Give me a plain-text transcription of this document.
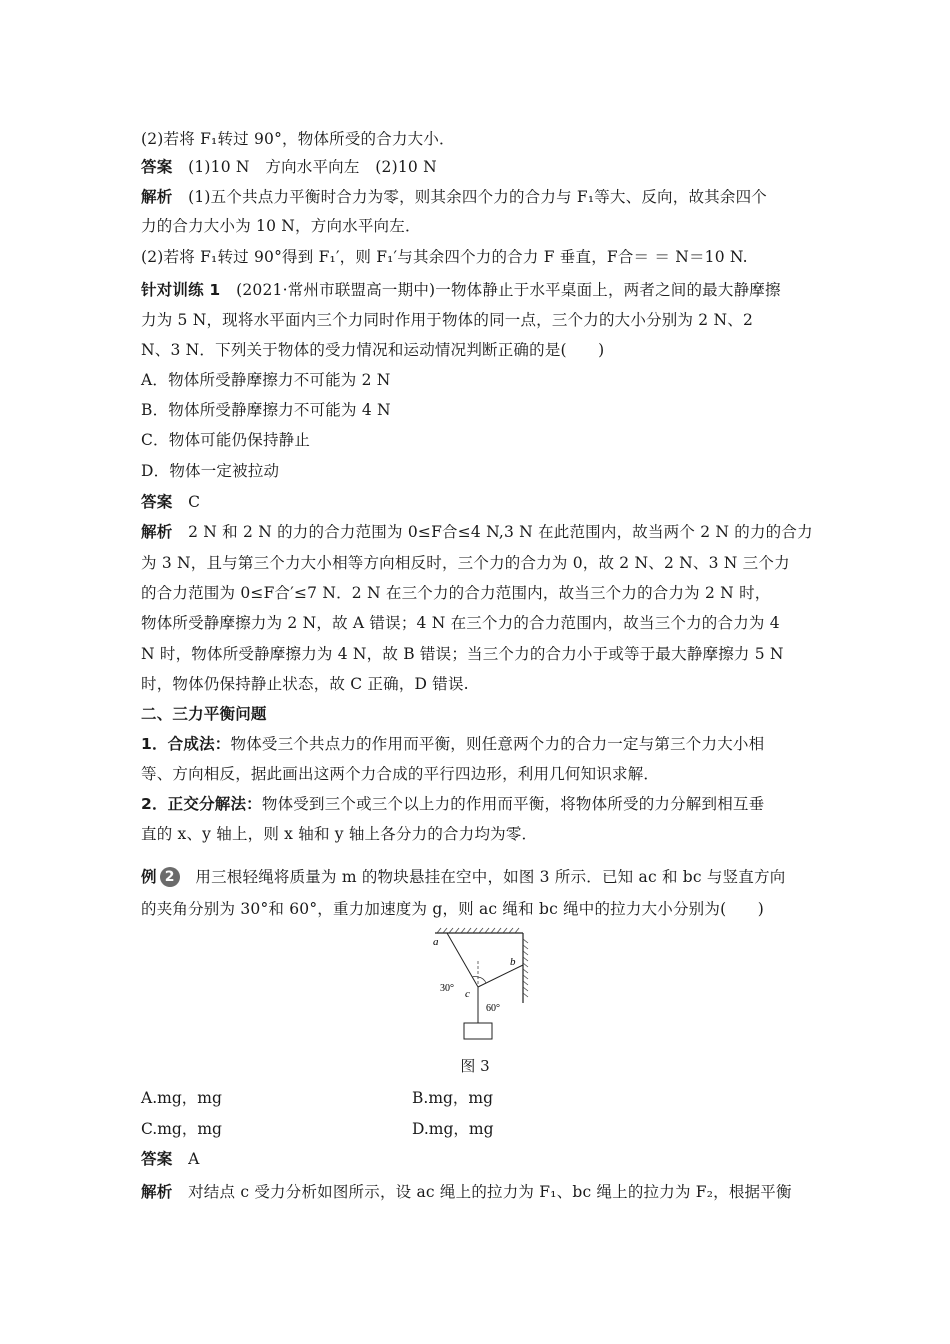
(2)若将 F₁转过 90°，物体所受的合力大小．
答案　 (1)10 N　方向水平向左　(2)10 N
解析　 (1)五个共点力平衡时合力为零，则其余四个力的合力与 F₁等大、反向，故其余四个
力的合力大小为 10 N，方向水平向左．
(2)若将 F₁转过 90°得到 F₁′，则 F₁′与其余四个力的合力 F 垂直，F合＝ ＝ N＝10 N.
针对训练 1　 (2021·常州市联盟高一期中)一物体静止于水平桌面上，两者之间的最大静摩擦
力为 5 N，现将水平面内三个力同时作用于物体的同一点，三个力的大小分别为 2 N、2
N、3 N．下列关于物体的受力情况和运动情况判断正确的是(　　)
A．物体所受静摩擦力不可能为 2 N
B．物体所受静摩擦力不可能为 4 N
C．物体可能仍保持静止
D．物体一定被拉动
答案　 C
解析　 2 N 和 2 N 的力的合力范围为 0≤F合≤4 N,3 N 在此范围内，故当两个 2 N 的力的合力
为 3 N，且与第三个力大小相等方向相反时，三个力的合力为 0，故 2 N、2 N、3 N 三个力
的合力范围为 0≤F合′≤7 N．2 N 在三个力的合力范围内，故当三个力的合力为 2 N 时，
物体所受静摩擦力为 2 N，故 A 错误；4 N 在三个力的合力范围内，故当三个力的合力为 4
N 时，物体所受静摩擦力为 4 N，故 B 错误；当三个力的合力小于或等于最大静摩擦力 5 N
时，物体仍保持静止状态，故 C 正确，D 错误.
二、三力平衡问题
1．合成法：物体受三个共点力的作用而平衡，则任意两个力的合力一定与第三个力大小相
等、方向相反，据此画出这两个力合成的平行四边形，利用几何知识求解．
2．正交分解法：物体受到三个或三个以上力的作用而平衡，将物体所受的力分解到相互垂
直的 x、y 轴上，则 x 轴和 y 轴上各分力的合力均为零．
例 2　 用三根轻绳将质量为 m 的物块悬挂在空中，如图 3 所示．已知 ac 和 bc 与竖直方向
的夹角分别为 30°和 60°，重力加速度为 g，则 ac 绳和 bc 绳中的拉力大小分别为(　　)
a
b
c
30°
60°
图 3
A.mg，mg	B.mg，mg
C.mg，mg	D.mg，mg
答案　 A
解析　 对结点 c 受力分析如图所示，设 ac 绳上的拉力为 F₁、bc 绳上的拉力为 F₂，根据平衡
